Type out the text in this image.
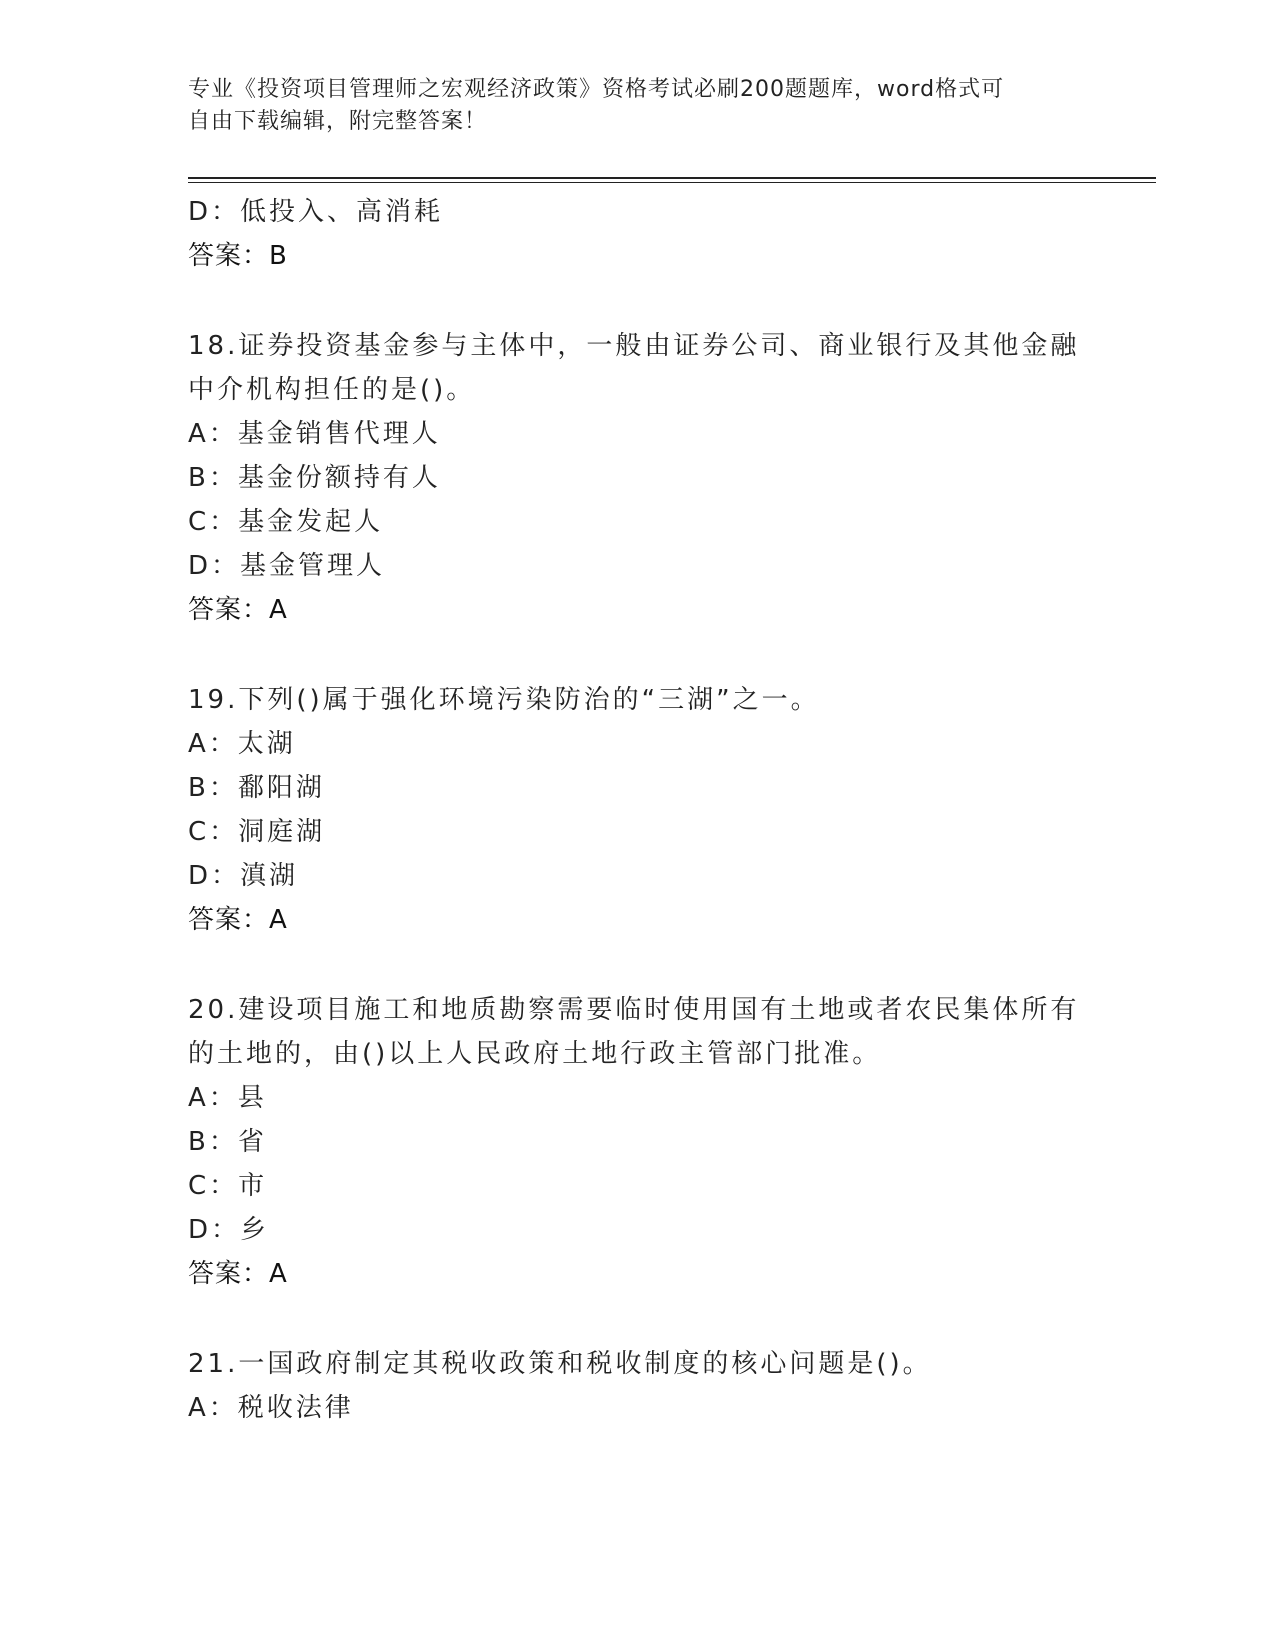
专业《投资项目管理师之宏观经济政策》资格考试必刷200题题库，word格式可
自由下载编辑，附完整答案！
D：低投入、高消耗
答案：B
18.证券投资基金参与主体中，一般由证券公司、商业银行及其他金融
中介机构担任的是()。
A：基金销售代理人
B：基金份额持有人
C：基金发起人
D：基金管理人
答案：A
19.下列()属于强化环境污染防治的“三湖”之一。
A：太湖
B：鄱阳湖
C：洞庭湖
D：滇湖
答案：A
20.建设项目施工和地质勘察需要临时使用国有土地或者农民集体所有
的土地的，由()以上人民政府土地行政主管部门批准。
A：县
B：省
C：市
D：乡
答案：A
21.一国政府制定其税收政策和税收制度的核心问题是()。
A：税收法律
